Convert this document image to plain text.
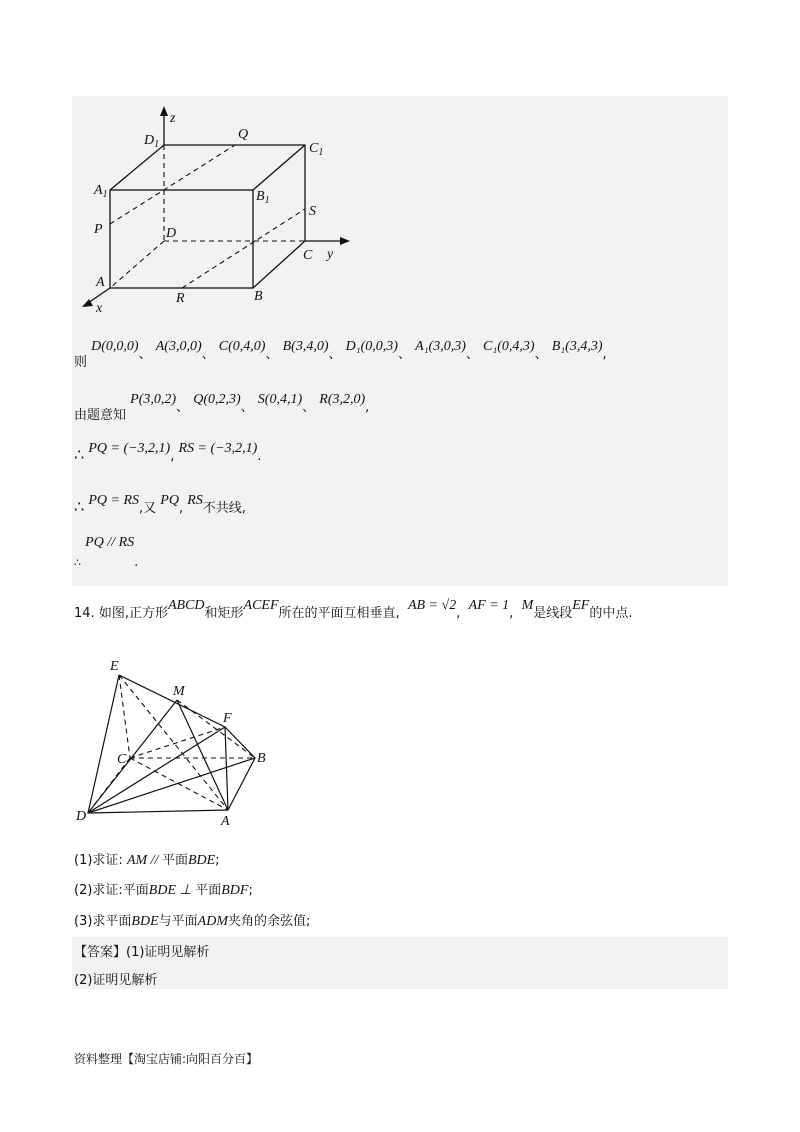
z
$D_1$
Q
$C_1$
$A_1$	$B_1$
P
S
D
C y
A
R	B
x
则 D(0,0,0)、 A(3,0,0)、 C(0,4,0)、 B(3,4,0)、 D₁(0,0,3)、 A₁(3,0,3)、 C₁(0,4,3)、 B₁(3,4,3),
由题意知 P(3,0,2)、 Q(0,2,3)、 S(0,4,1)、 R(3,2,0),
∴ PQ = (−3,2,1), RS = (−3,2,1).
∴ PQ = RS,又 PQ, RS不共线,
$_\therefore$ PQ // RS.
14. 如图,正方形ABCD和矩形ACEF所在的平面互相垂直,  AB = √2,  AF = 1,  M是线段EF的中点.
E
M
F
C	B
D	A
(1)求证: AM // 平面BDE;
(2)求证:平面BDE ⊥ 平面BDF;
(3)求平面BDE与平面ADM夹角的余弦值;
【答案】(1)证明见解析
(2)证明见解析
资料整理【淘宝店铺:向阳百分百】
